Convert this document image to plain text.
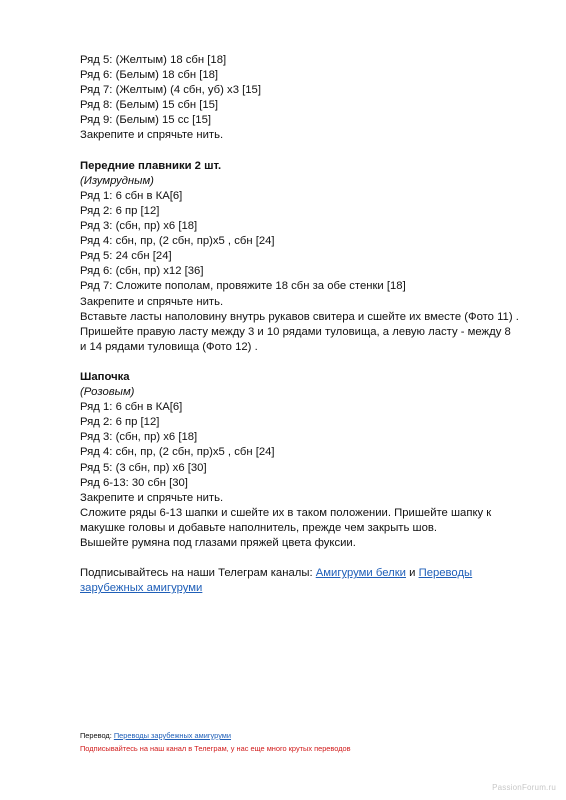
Ряд 5: (Желтым) 18 сбн [18]
Ряд 6: (Белым) 18 сбн [18]
Ряд 7: (Желтым) (4 сбн, уб) х3 [15]
Ряд 8: (Белым) 15 сбн [15]
Ряд 9: (Белым) 15 сс [15]
Закрепите и спрячьте нить.
Передние плавники 2 шт.
(Изумрудным)
Ряд 1: 6 сбн в КА[6]
Ряд 2: 6 пр [12]
Ряд 3: (сбн, пр) х6 [18]
Ряд 4: сбн, пр, (2 сбн, пр)х5 , сбн [24]
Ряд 5: 24 сбн [24]
Ряд 6: (сбн, пр) х12 [36]
Ряд 7: Сложите пополам, провяжите 18 сбн за обе стенки [18]
Закрепите и спрячьте нить.
Вставьте ласты наполовину внутрь рукавов свитера и сшейте их вместе (Фото 11) .
Пришейте правую ласту между 3 и 10 рядами туловища, а левую ласту - между 8 и 14 рядами туловища (Фото 12) .
Шапочка
(Розовым)
Ряд 1: 6 сбн в КА[6]
Ряд 2: 6 пр [12]
Ряд 3: (сбн, пр) х6 [18]
Ряд 4: сбн, пр, (2 сбн, пр)х5 , сбн [24]
Ряд 5: (3 сбн, пр) х6 [30]
Ряд 6-13: 30 сбн [30]
Закрепите и спрячьте нить.
Сложите ряды 6-13 шапки и сшейте их в таком положении. Пришейте шапку к макушке головы и добавьте наполнитель, прежде чем закрыть шов.
Вышейте румяна под глазами пряжей цвета фуксии.
Подписывайтесь на наши Телеграм каналы: Амигуруми белки и Переводы зарубежных амигуруми
Перевод: Переводы зарубежных амигуруми
Подписывайтесь на наш канал в Телеграм, у нас еще много крутых переводов
PassionForum.ru
